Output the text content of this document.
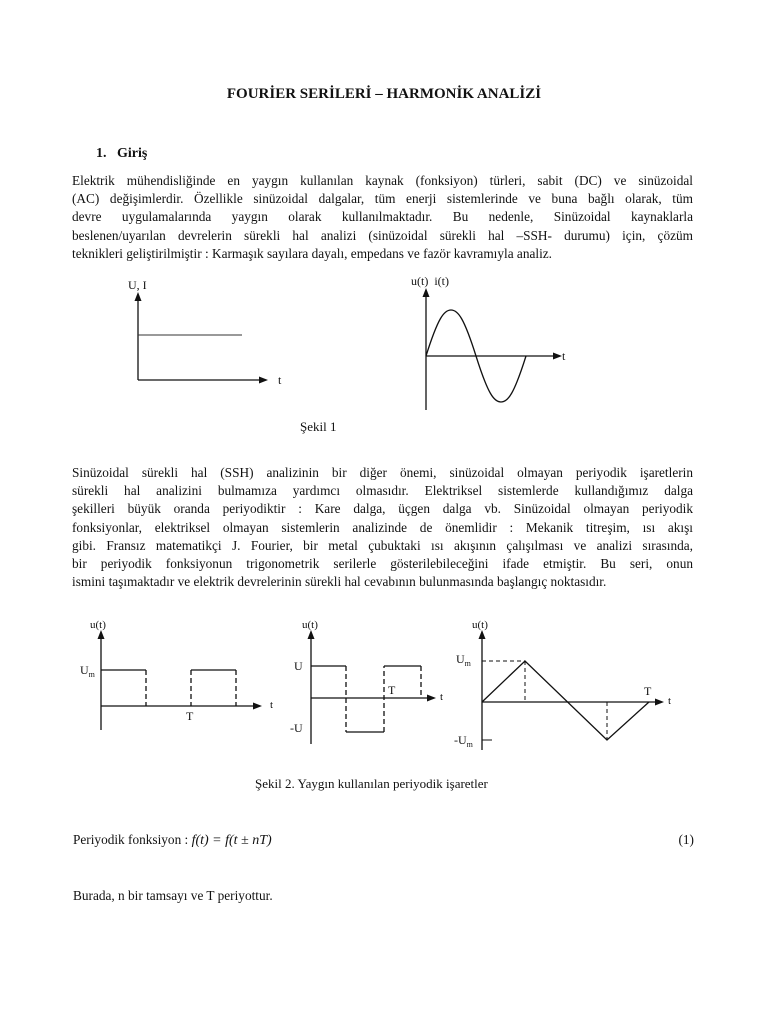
FOURİER SERİLERİ – HARMONİK ANALİZİ
1.   Giriş
Elektrik mühendisliğinde en yaygın kullanılan kaynak (fonksiyon) türleri, sabit (DC) ve sinüzoidal
(AC) değişimlerdir. Özellikle sinüzoidal dalgalar, tüm enerji sistemlerinde ve buna bağlı olarak, tüm
devre uygulamalarında yaygın olarak kullanılmaktadır. Bu nedenle, Sinüzoidal kaynaklarla
beslenen/uyarılan devrelerin sürekli hal analizi (sinüzoidal sürekli hal –SSH- durumu) için, çözüm
teknikleri geliştirilmiştir : Karmaşık sayılara dayalı, empedans ve fazör kavramıyla analiz.
U, I
t
u(t)  i(t)
t
Şekil 1
Sinüzoidal sürekli hal (SSH) analizinin bir diğer önemi, sinüzoidal olmayan periyodik işaretlerin
sürekli hal analizini bulmamıza yardımcı olmasıdır. Elektriksel sistemlerde kullandığımız dalga
şekilleri büyük oranda periyodiktir : Kare dalga, üçgen dalga vb. Sinüzoidal olmayan periyodik
fonksiyonlar, elektriksel olmayan sistemlerin analizinde de önemlidir : Mekanik titreşim, ısı akışı
gibi. Fransız matematikçi J. Fourier, bir metal çubuktaki ısı akışının çalışılması ve analizi sırasında,
bir periyodik fonksiyonun trigonometrik serilerle gösterilebileceğini ifade etmiştir. Bu seri, onun
ismini taşımaktadır ve elektrik devrelerinin sürekli hal cevabının bulunmasında başlangıç noktasıdır.
u(t)
$U_m$
T
t
u(t)
U
-U
T	t
u(t)
$U_m$
$-U_m$
T
t
Şekil 2. Yaygın kullanılan periyodik işaretler
Periyodik fonksiyon : f(t) = f(t ± nT)	(1)
Burada, n bir tamsayı ve T periyottur.
